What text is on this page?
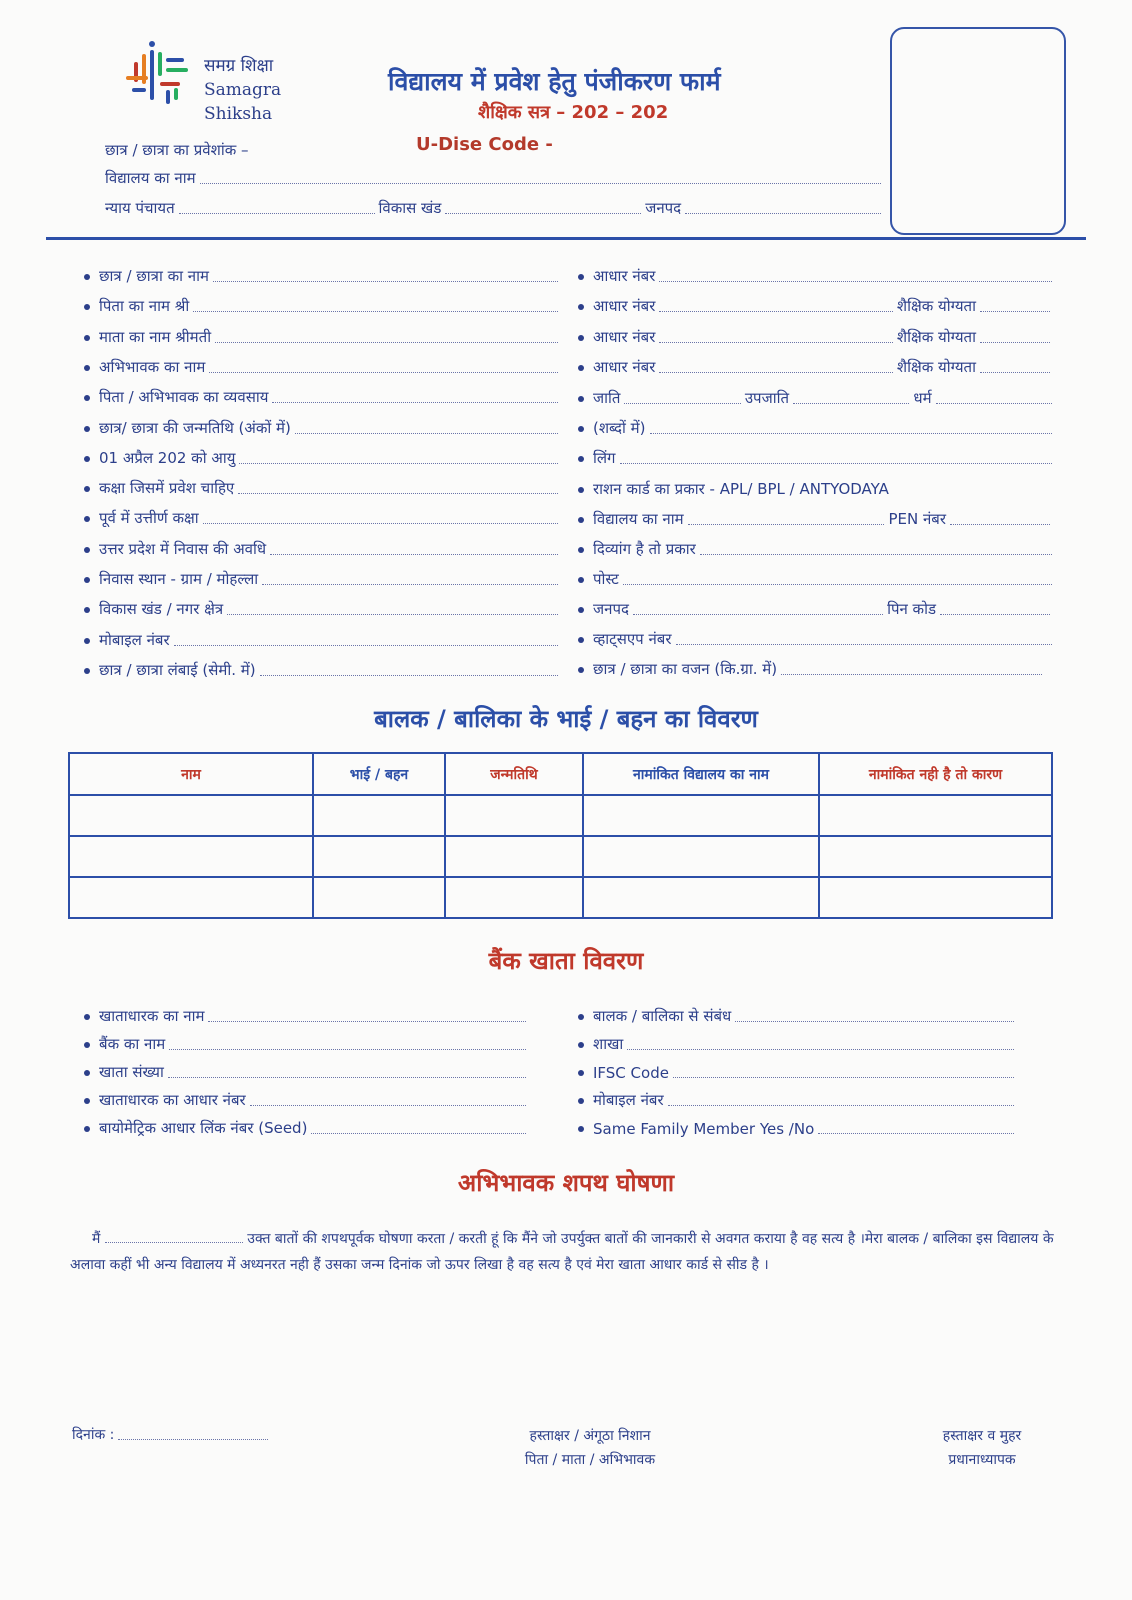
समग्र शिक्षा
Samagra Shiksha
विद्यालय में प्रवेश हेतु पंजीकरण फार्म
शैक्षिक सत्र – 202 – 202
U-Dise Code -
छात्र / छात्रा का प्रवेशांक –
विद्यालय का नाम
न्याय पंचायत	विकास खंड	जनपद
छात्र / छात्रा का नाम
पिता का नाम श्री
माता का नाम श्रीमती
अभिभावक का नाम
पिता / अभिभावक का व्यवसाय
छात्र/ छात्रा की जन्मतिथि (अंकों में)
01 अप्रैल 202 को आयु
कक्षा जिसमें प्रवेश चाहिए
पूर्व में उत्तीर्ण कक्षा
उत्तर प्रदेश में निवास की अवधि
निवास स्थान - ग्राम / मोहल्ला
विकास खंड / नगर क्षेत्र
मोबाइल नंबर
छात्र / छात्रा लंबाई (सेमी. में)
आधार नंबर
आधार नंबर	शैक्षिक योग्यता
आधार नंबर	शैक्षिक योग्यता
आधार नंबर	शैक्षिक योग्यता
जाति	उपजाति	धर्म
(शब्दों में)
लिंग
राशन कार्ड का प्रकार - APL/ BPL / ANTYODAYA
विद्यालय का नाम	PEN नंबर
दिव्यांग है तो प्रकार
पोस्ट
जनपद	पिन कोड
व्हाट्सएप नंबर
छात्र / छात्रा का वजन (कि.ग्रा. में)
बालक / बालिका के भाई / बहन का विवरण
नाम	भाई / बहन	जन्मतिथि	नामांकित विद्यालय का नाम	नामांकित नही है तो कारण

बैंक खाता विवरण
खाताधारक का नाम
बैंक का नाम
खाता संख्या
खाताधारक का आधार नंबर
बायोमेट्रिक आधार लिंक नंबर (Seed)
बालक / बालिका से संबंध
शाखा
IFSC Code
मोबाइल नंबर
Same Family Member Yes /No
अभिभावक शपथ घोषणा
मैं	उक्त बातों की शपथपूर्वक घोषणा करता / करती हूं कि मैंने जो उपर्युक्त बातों की जानकारी से अवगत कराया है वह सत्य है ।मेरा बालक / बालिका इस विद्यालय के अलावा कहीं भी अन्य विद्यालय में अध्यनरत नही हैं उसका जन्म दिनांक जो ऊपर लिखा है वह सत्य है एवं मेरा खाता आधार कार्ड से सीड है ।
दिनांक :	हस्ताक्षर / अंगूठा निशान
पिता / माता / अभिभावक
हस्ताक्षर व मुहर
प्रधानाध्यापक
